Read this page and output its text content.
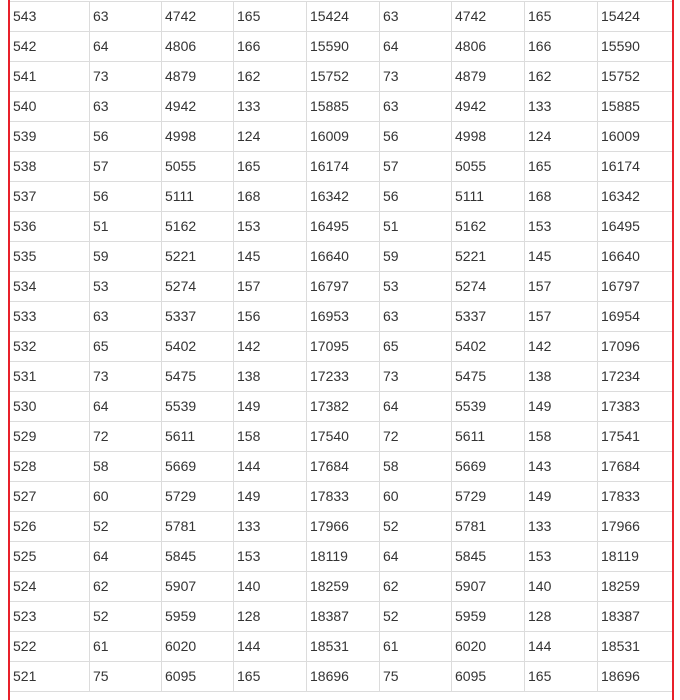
543	63	4742	165	15424	63	4742	165	15424
542	64	4806	166	15590	64	4806	166	15590
541	73	4879	162	15752	73	4879	162	15752
540	63	4942	133	15885	63	4942	133	15885
539	56	4998	124	16009	56	4998	124	16009
538	57	5055	165	16174	57	5055	165	16174
537	56	5111	168	16342	56	5111	168	16342
536	51	5162	153	16495	51	5162	153	16495
535	59	5221	145	16640	59	5221	145	16640
534	53	5274	157	16797	53	5274	157	16797
533	63	5337	156	16953	63	5337	157	16954
532	65	5402	142	17095	65	5402	142	17096
531	73	5475	138	17233	73	5475	138	17234
530	64	5539	149	17382	64	5539	149	17383
529	72	5611	158	17540	72	5611	158	17541
528	58	5669	144	17684	58	5669	143	17684
527	60	5729	149	17833	60	5729	149	17833
526	52	5781	133	17966	52	5781	133	17966
525	64	5845	153	18119	64	5845	153	18119
524	62	5907	140	18259	62	5907	140	18259
523	52	5959	128	18387	52	5959	128	18387
522	61	6020	144	18531	61	6020	144	18531
521	75	6095	165	18696	75	6095	165	18696
